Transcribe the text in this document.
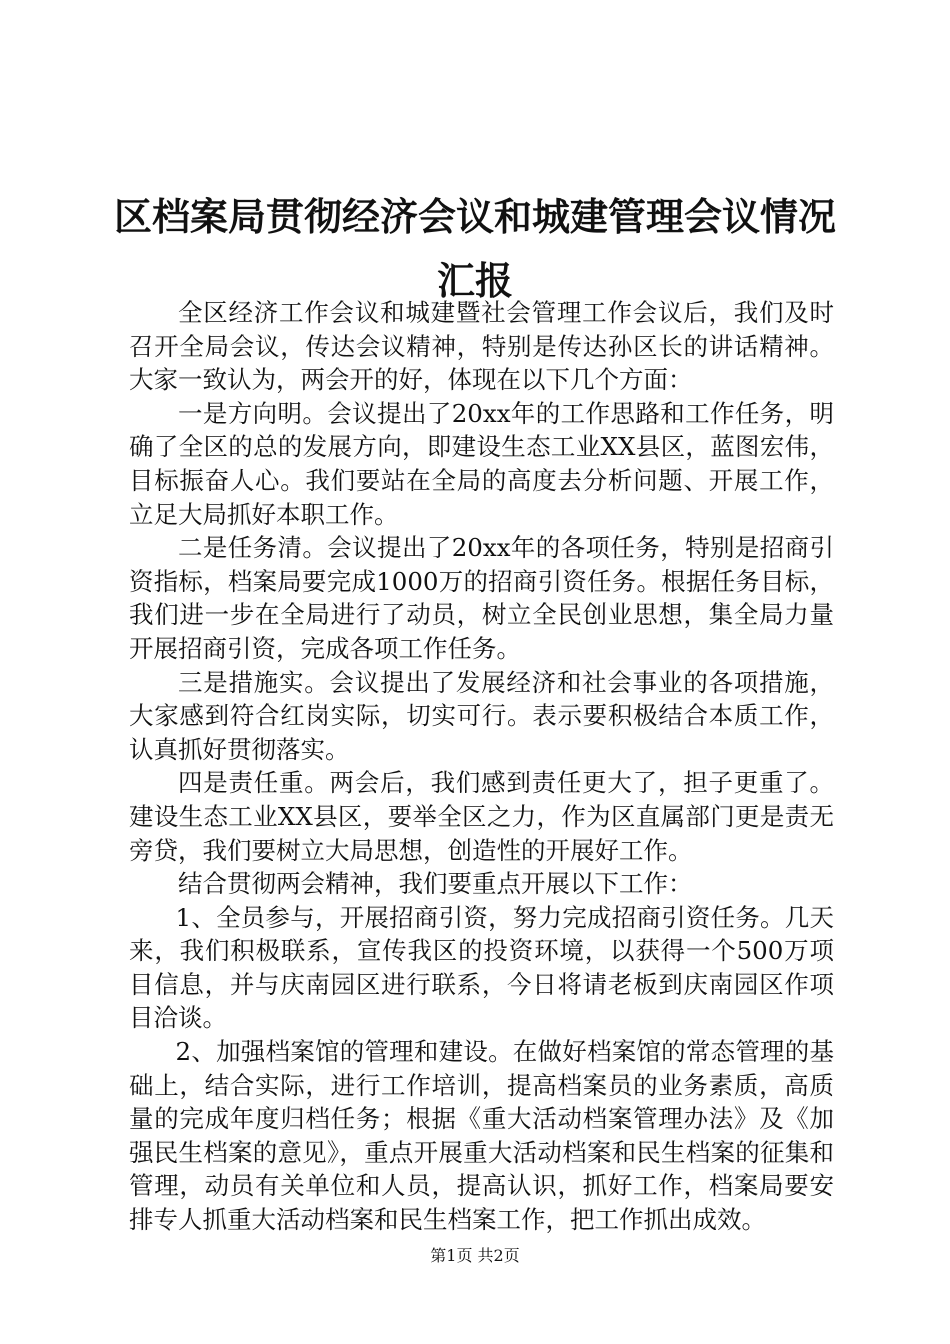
区档案局贯彻经济会议和城建管理会议情况汇报

全区经济工作会议和城建暨社会管理工作会议后，我们及时召开全局会议，传达会议精神，特别是传达孙区长的讲话精神。大家一致认为，两会开的好，体现在以下几个方面：

一是方向明。会议提出了20xx年的工作思路和工作任务，明确了全区的总的发展方向，即建设生态工业XX县区，蓝图宏伟，目标振奋人心。我们要站在全局的高度去分析问题、开展工作，立足大局抓好本职工作。

二是任务清。会议提出了20xx年的各项任务，特别是招商引资指标，档案局要完成1000万的招商引资任务。根据任务目标，我们进一步在全局进行了动员，树立全民创业思想，集全局力量开展招商引资，完成各项工作任务。

三是措施实。会议提出了发展经济和社会事业的各项措施，大家感到符合红岗实际，切实可行。表示要积极结合本质工作，认真抓好贯彻落实。

四是责任重。两会后，我们感到责任更大了，担子更重了。建设生态工业XX县区，要举全区之力，作为区直属部门更是责无旁贷，我们要树立大局思想，创造性的开展好工作。

结合贯彻两会精神，我们要重点开展以下工作：

1、全员参与，开展招商引资，努力完成招商引资任务。几天来，我们积极联系，宣传我区的投资环境，以获得一个500万项目信息，并与庆南园区进行联系，今日将请老板到庆南园区作项目洽谈。

2、加强档案馆的管理和建设。在做好档案馆的常态管理的基础上，结合实际，进行工作培训，提高档案员的业务素质，高质量的完成年度归档任务；根据《重大活动档案管理办法》及《加强民生档案的意见》，重点开展重大活动档案和民生档案的征集和管理，动员有关单位和人员，提高认识，抓好工作，档案局要安排专人抓重大活动档案和民生档案工作，把工作抓出成效。

第1页 共2页
